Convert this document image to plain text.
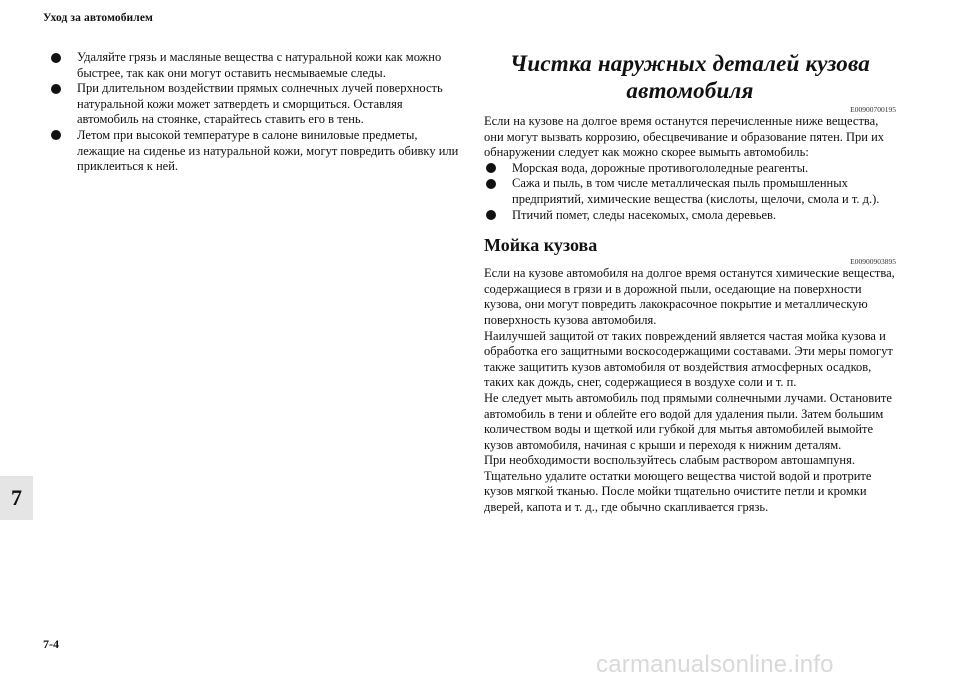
Уход за автомобилем
Удаляйте грязь и масляные вещества с натуральной кожи как можно быстрее, так как они могут оставить несмываемые следы.
При длительном воздействии прямых солнечных лучей поверхность натуральной кожи может затвердеть и сморщиться. Оставляя автомобиль на стоянке, старайтесь ставить его в тень.
Летом при высокой температуре в салоне виниловые предметы, лежащие на сиденье из натуральной кожи, могут повредить обивку или приклеиться к ней.
Чистка наружных деталей кузова автомобиля
E00900700195

Если на кузове на долгое время останутся перечисленные ниже вещества, они могут вызвать коррозию, обесцвечивание и образование пятен. При их обнаружении следует как можно скорее вымыть автомобиль:

Морская вода, дорожные противогололедные реагенты.
Сажа и пыль, в том числе металлическая пыль промышленных предприятий, химические вещества (кислоты, щелочи, смола и т. д.).
Птичий помет, следы насекомых, смола деревьев.
Мойка кузова
E00900903895

Если на кузове автомобиля на долгое время останутся химические вещества, содержащиеся в грязи и в дорожной пыли, оседающие на поверхности кузова, они могут повредить лакокрасочное покрытие и металлическую поверхность кузова автомобиля.

Наилучшей защитой от таких повреждений является частая мойка кузова и обработка его защитными воскосодержащими составами. Эти меры помогут также защитить кузов автомобиля от воздействия атмосферных осадков, таких как дождь, снег, содержащиеся в воздухе соли и т. п.

Не следует мыть автомобиль под прямыми солнечными лучами. Остановите автомобиль в тени и облейте его водой для удаления пыли. Затем большим количеством воды и щеткой или губкой для мытья автомобилей вымойте кузов автомобиля, начиная с крыши и переходя к нижним деталям.

При необходимости воспользуйтесь слабым раствором автошампуня. Тщательно удалите остатки моющего вещества чистой водой и протрите кузов мягкой тканью. После мойки тщательно очистите петли и кромки дверей, капота и т. д., где обычно скапливается грязь.

7
7-4
carmanualsonline.info
